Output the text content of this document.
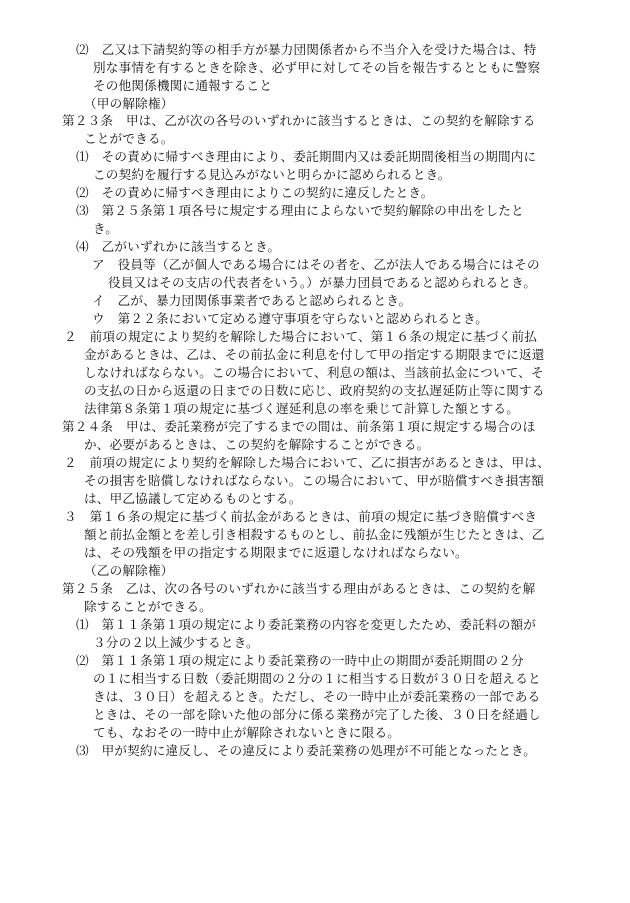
⑵　乙又は下請契約等の相手方が暴力団関係者から不当介入を受けた場合は、特
別な事情を有するときを除き、必ず甲に対してその旨を報告するとともに警察
その他関係機関に通報すること
（甲の解除権）
第２３条　甲は、乙が次の各号のいずれかに該当するときは、この契約を解除する
ことができる。
⑴　その責めに帰すべき理由により、委託期間内又は委託期間後相当の期間内に
この契約を履行する見込みがないと明らかに認められるとき。
⑵　その責めに帰すべき理由によりこの契約に違反したとき。
⑶　第２５条第１項各号に規定する理由によらないで契約解除の申出をしたと
き。
⑷　乙がいずれかに該当するとき。
ア　役員等（乙が個人である場合にはその者を、乙が法人である場合にはその
役員又はその支店の代表者をいう。）が暴力団員であると認められるとき。
イ　乙が、暴力団関係事業者であると認められるとき。
ウ　第２２条において定める遵守事項を守らないと認められるとき。
２　前項の規定により契約を解除した場合において、第１６条の規定に基づく前払
金があるときは、乙は、その前払金に利息を付して甲の指定する期限までに返還
しなければならない。この場合において、利息の額は、当該前払金について、そ
の支払の日から返還の日までの日数に応じ、政府契約の支払遅延防止等に関する
法律第８条第１項の規定に基づく遅延利息の率を乗じて計算した額とする。
第２４条　甲は、委託業務が完了するまでの間は、前条第１項に規定する場合のほ
か、必要があるときは、この契約を解除することができる。
２　前項の規定により契約を解除した場合において、乙に損害があるときは、甲は、
その損害を賠償しなければならない。この場合において、甲が賠償すべき損害額
は、甲乙協議して定めるものとする。
３　第１６条の規定に基づく前払金があるときは、前項の規定に基づき賠償すべき
額と前払金額とを差し引き相殺するものとし、前払金に残額が生じたときは、乙
は、その残額を甲の指定する期限までに返還しなければならない。
（乙の解除権）
第２５条　乙は、次の各号のいずれかに該当する理由があるときは、この契約を解
除することができる。
⑴　第１１条第１項の規定により委託業務の内容を変更したため、委託料の額が
３分の２以上減少するとき。
⑵　第１１条第１項の規定により委託業務の一時中止の期間が委託期間の２分
の１に相当する日数（委託期間の２分の１に相当する日数が３０日を超えると
きは、３０日）を超えるとき。ただし、その一時中止が委託業務の一部である
ときは、その一部を除いた他の部分に係る業務が完了した後、３０日を経過し
ても、なおその一時中止が解除されないときに限る。
⑶　甲が契約に違反し、その違反により委託業務の処理が不可能となったとき。
